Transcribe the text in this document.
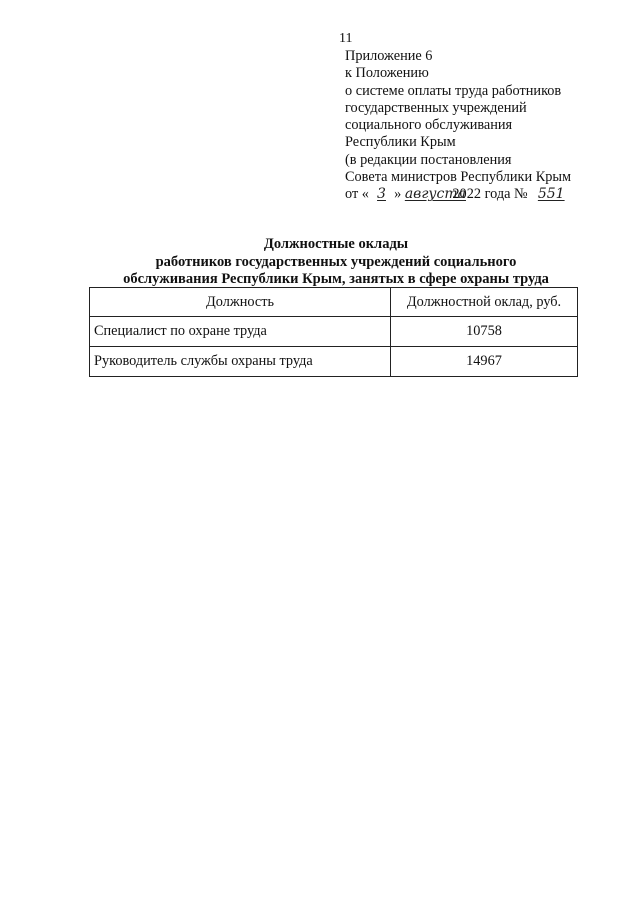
11
Приложение 6
к Положению
о системе оплаты труда работников
государственных учреждений
социального обслуживания
Республики Крым
(в редакции постановления
Совета министров Республики Крым
от « 3 » августа 2022 года № 551
Должностные оклады
работников государственных учреждений социального
обслуживания Республики Крым, занятых в сфере охраны труда
Должность	Должностной оклад, руб.
Специалист по охране труда	10758
Руководитель службы охраны труда	14967
